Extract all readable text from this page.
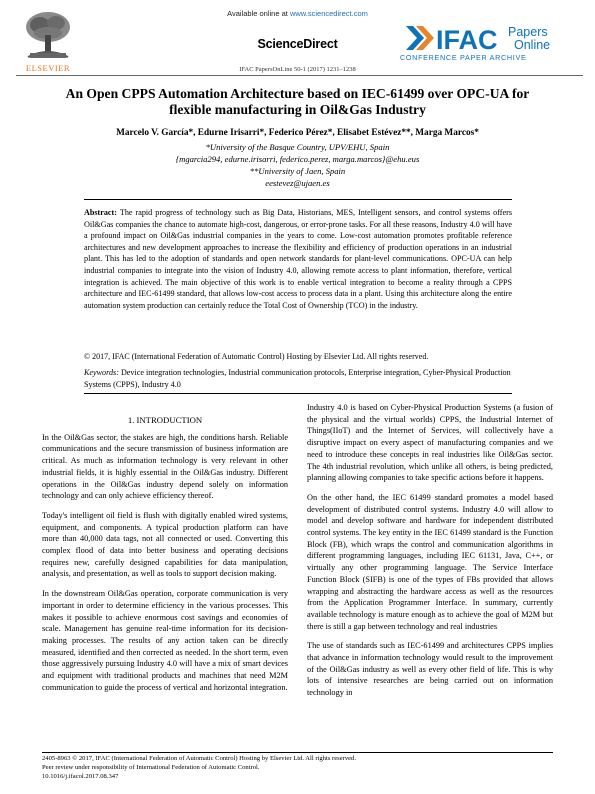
Available online at www.sciencedirect.com
ScienceDirect
IFAC PapersOnLine 50-1 (2017) 1231–1238
ELSEVIER
IFAC Papers
Online
CONFERENCE PAPER ARCHIVE
An Open CPPS Automation Architecture based on IEC-61499 over OPC-UA for
flexible manufacturing in Oil&Gas Industry
Marcelo V. García*, Edurne Irisarri*, Federico Pérez*, Elisabet Estévez**, Marga Marcos*
*University of the Basque Country, UPV/EHU, Spain
{mgarcia294, edurne.irisarri, federico.perez, marga.marcos}@ehu.eus
**University of Jaen, Spain
eestevez@ujaen.es
Abstract: The rapid progress of technology such as Big Data, Historians, MES, Intelligent sensors, and control systems offers Oil&Gas companies the chance to automate high-cost, dangerous, or error-prone tasks. For all these reasons, Industry 4.0 will have a profound impact on Oil&Gas industrial companies in the years to come. Low-cost automation promotes profitable reference architectures and new development approaches to increase the flexibility and efficiency of production operations in an industrial plant. This has led to the adoption of standards and open network standards for plant-level communications. OPC-UA can help industrial companies to integrate into the vision of Industry 4.0, allowing remote access to plant information, therefore, vertical integration is achieved. The main objective of this work is to enable vertical integration to become a reality through a CPPS architecture and IEC-61499 standard, that allows low-cost access to process data in a plant. Using this architecture along the entire automation system production can certainly reduce the Total Cost of Ownership (TCO) in the industry.
© 2017, IFAC (International Federation of Automatic Control) Hosting by Elsevier Ltd. All rights reserved.
Keywords: Device integration technologies, Industrial communication protocols, Enterprise integration, Cyber-Physical Production Systems (CPPS), Industry 4.0
1. INTRODUCTION

In the Oil&Gas sector, the stakes are high, the conditions harsh. Reliable communications and the secure transmission of business information are critical. As much as information technology is very relevant in other industrial fields, it is highly essential in the Oil&Gas industry. Different operations in the Oil&Gas industry depend solely on information technology and can only achieve efficiency thereof.

Today's intelligent oil field is flush with digitally enabled wired systems, equipment, and components. A typical production platform can have more than 40,000 data tags, not all connected or used. Converting this complex flood of data into better business and operating decisions requires new, carefully designed capabilities for data manipulation, analysis, and presentation, as well as tools to support decision making.

In the downstream Oil&Gas operation, corporate communication is very important in order to determine efficiency in the various processes. This makes it possible to achieve enormous cost savings and economies of scale. Management has genuine real-time information for its decision-making processes. The results of any action taken can be directly measured, identified and then corrected as needed. In the short term, even those aggressively pursuing Industry 4.0 will have a mix of smart devices and equipment with traditional products and machines that need M2M communication to guide the process of vertical and horizontal integration.

Industry 4.0 is based on Cyber-Physical Production Systems (a fusion of the physical and the virtual worlds) CPPS, the Industrial Internet of Things(IIoT) and the Internet of Services, will collectively have a disruptive impact on every aspect of manufacturing companies and we need to introduce these concepts in real industries like Oil&Gas sector. The 4th industrial revolution, which unlike all others, is being predicted, planning allowing companies to take specific actions before it happens.

On the other hand, the IEC 61499 standard promotes a model based development of distributed control systems. Industry 4.0 will allow to model and develop software and hardware for independent distributed control systems. The key entity in the IEC 61499 standard is the Function Block (FB), which wraps the control and communication algorithms in different programming languages, including IEC 61131, Java, C++, or virtually any other programming language. The Service Interface Function Block (SIFB) is one of the types of FBs provided that allows wrapping and abstracting the hardware access as well as the resources from the Application Programmer Interface. In summary, currently available technology is mature enough as to achieve the goal of M2M but there is still a gap between technology and real industries

The use of standards such as IEC-61499 and architectures CPPS implies that advance in information technology would result to the improvement of the Oil&Gas industry as well as every other field of life. This is why lots of intensive researches are being carried out on information technology in

2405-8963 © 2017, IFAC (International Federation of Automatic Control) Hosting by Elsevier Ltd. All rights reserved.
Peer review under responsibility of International Federation of Automatic Control.
10.1016/j.ifacol.2017.08.347
